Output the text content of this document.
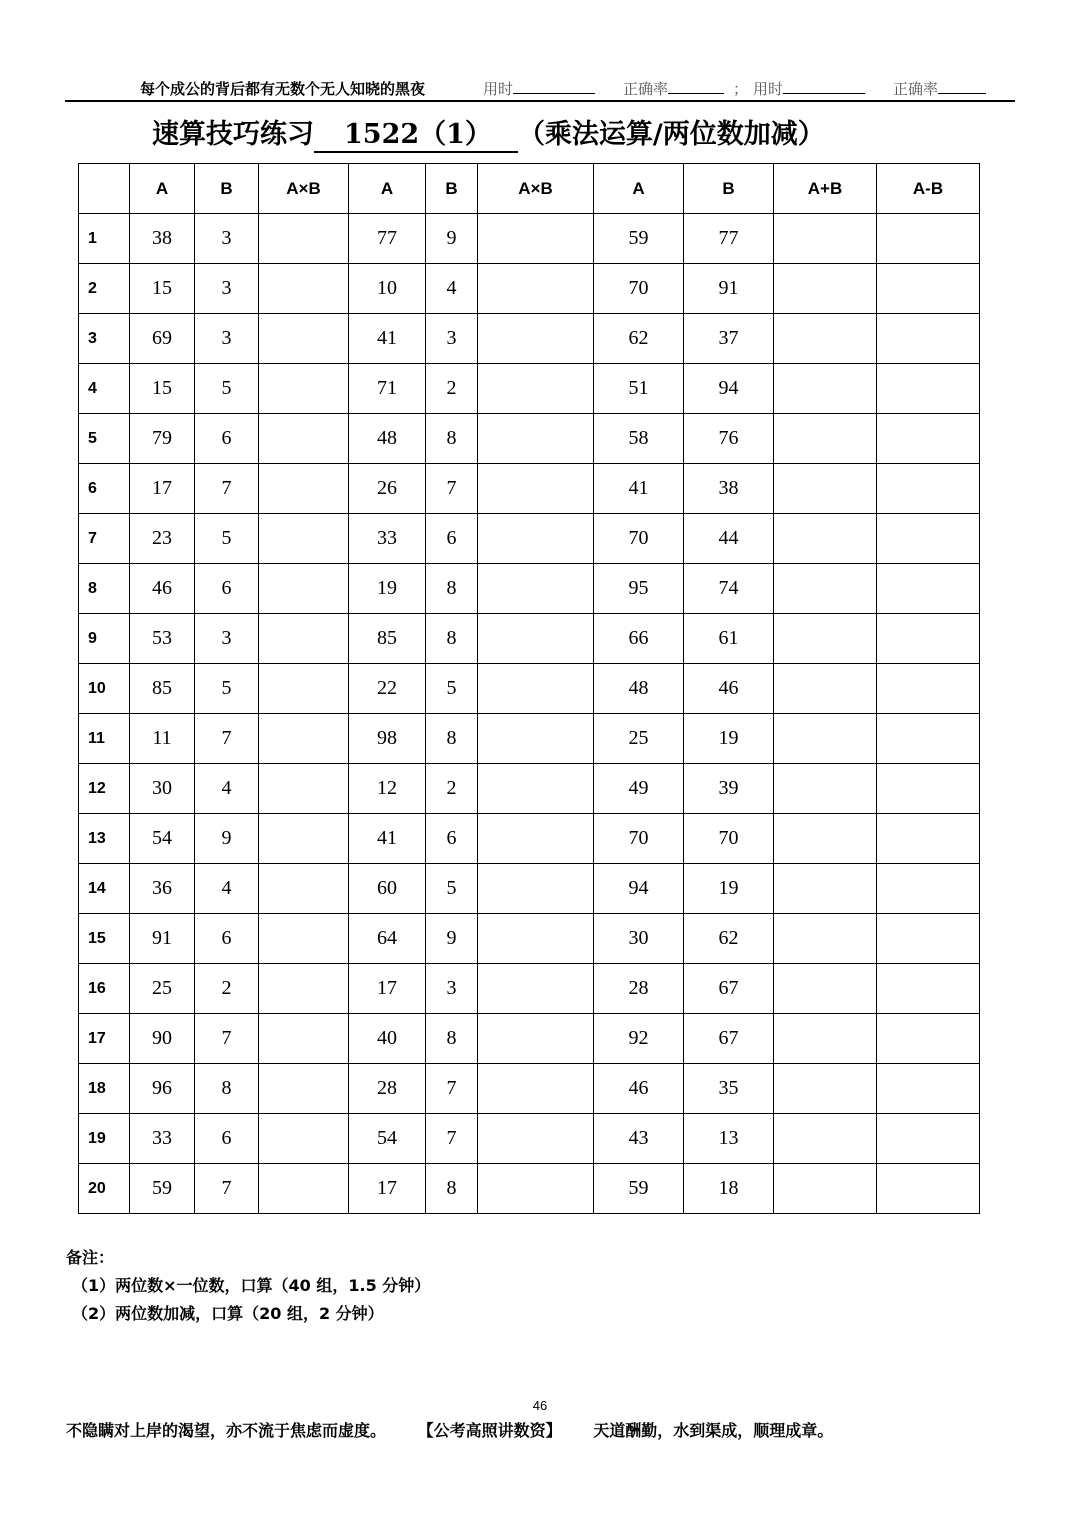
每个成公的背后都有无数个无人知晓的黑夜	用时	正确率	； 用时	正确率
速算技巧练习 1522（1） （乘法运算/两位数加减）
	A	B	A×B	A	B	A×B	A	B	A+B	A-B
1	38	3		77	9		59	77		
2	15	3		10	4		70	91		
3	69	3		41	3		62	37		
4	15	5		71	2		51	94		
5	79	6		48	8		58	76		
6	17	7		26	7		41	38		
7	23	5		33	6		70	44		
8	46	6		19	8		95	74		
9	53	3		85	8		66	61		
10	85	5		22	5		48	46		
11	11	7		98	8		25	19		
12	30	4		12	2		49	39		
13	54	9		41	6		70	70		
14	36	4		60	5		94	19		
15	91	6		64	9		30	62		
16	25	2		17	3		28	67		
17	90	7		40	8		92	67		
18	96	8		28	7		46	35		
19	33	6		54	7		43	13		
20	59	7		17	8		59	18		
备注：
（1）两位数×一位数，口算（40 组，1.5 分钟）
（2）两位数加减，口算（20 组，2 分钟）
46
不隐瞒对上岸的渴望，亦不流于焦虑而虚度。 【公考高照讲数资】 天道酬勤，水到渠成，顺理成章。
